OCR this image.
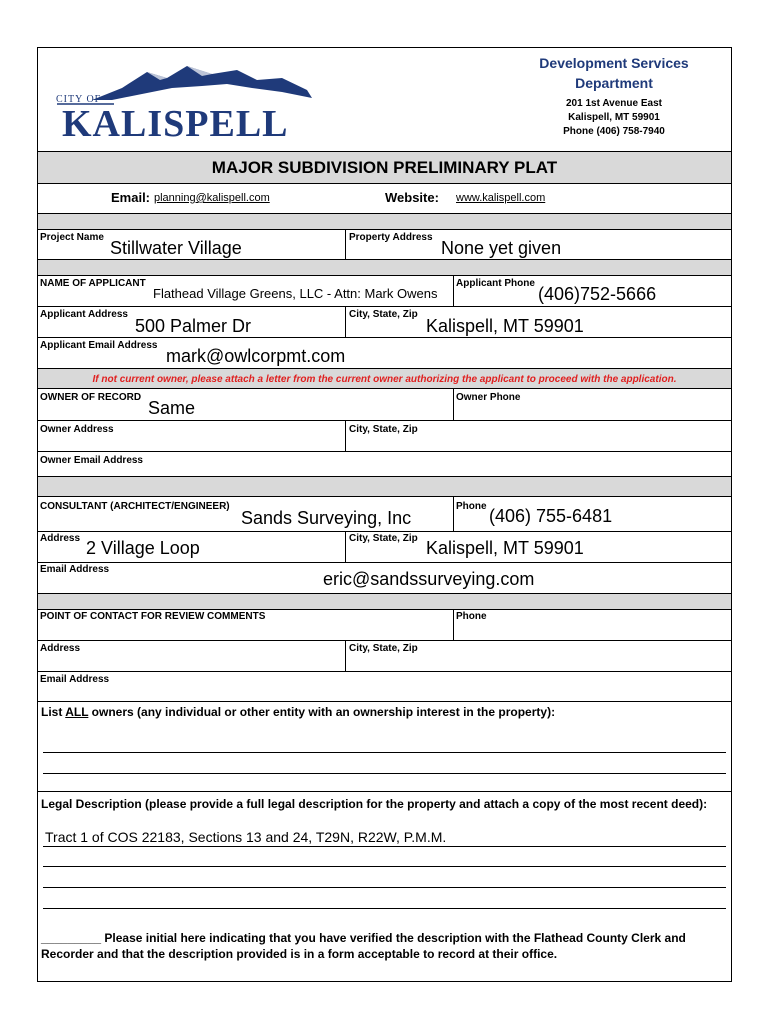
CITY OF
KALISPELL
Development Services
Department
201 1st Avenue East
Kalispell, MT 59901
Phone (406) 758-7940
MAJOR SUBDIVISION PRELIMINARY PLAT
Email: planning@kalispell.com	Website: www.kalispell.com
Project Name
Stillwater Village
Property Address
None yet given
NAME OF APPLICANT
Flathead Village Greens, LLC - Attn: Mark Owens
Applicant Phone
(406)752-5666
Applicant Address
500 Palmer Dr
City, State, Zip
Kalispell, MT 59901
Applicant Email Address
mark@owlcorpmt.com
If not current owner, please attach a letter from the current owner authorizing the applicant to proceed with the application.
OWNER OF RECORD
Same
Owner Phone
Owner Address	City, State, Zip
Owner Email Address
CONSULTANT (ARCHITECT/ENGINEER)
Sands Surveying, Inc
Phone (406) 755-6481
Address 2 Village Loop	City, State, Zip Kalispell, MT 59901
Email Address	eric@sandssurveying.com
POINT OF CONTACT FOR REVIEW COMMENTS	Phone
Address	City, State, Zip
Email Address
List ALL owners (any individual or other entity with an ownership interest in the property):
Legal Description (please provide a full legal description for the property and attach a copy of the most recent deed):
Tract 1 of COS 22183, Sections 13 and 24, T29N, R22W, P.M.M.
_________ Please initial here indicating that you have verified the description with the Flathead County Clerk and Recorder and that the description provided is in a form acceptable to record at their office.
